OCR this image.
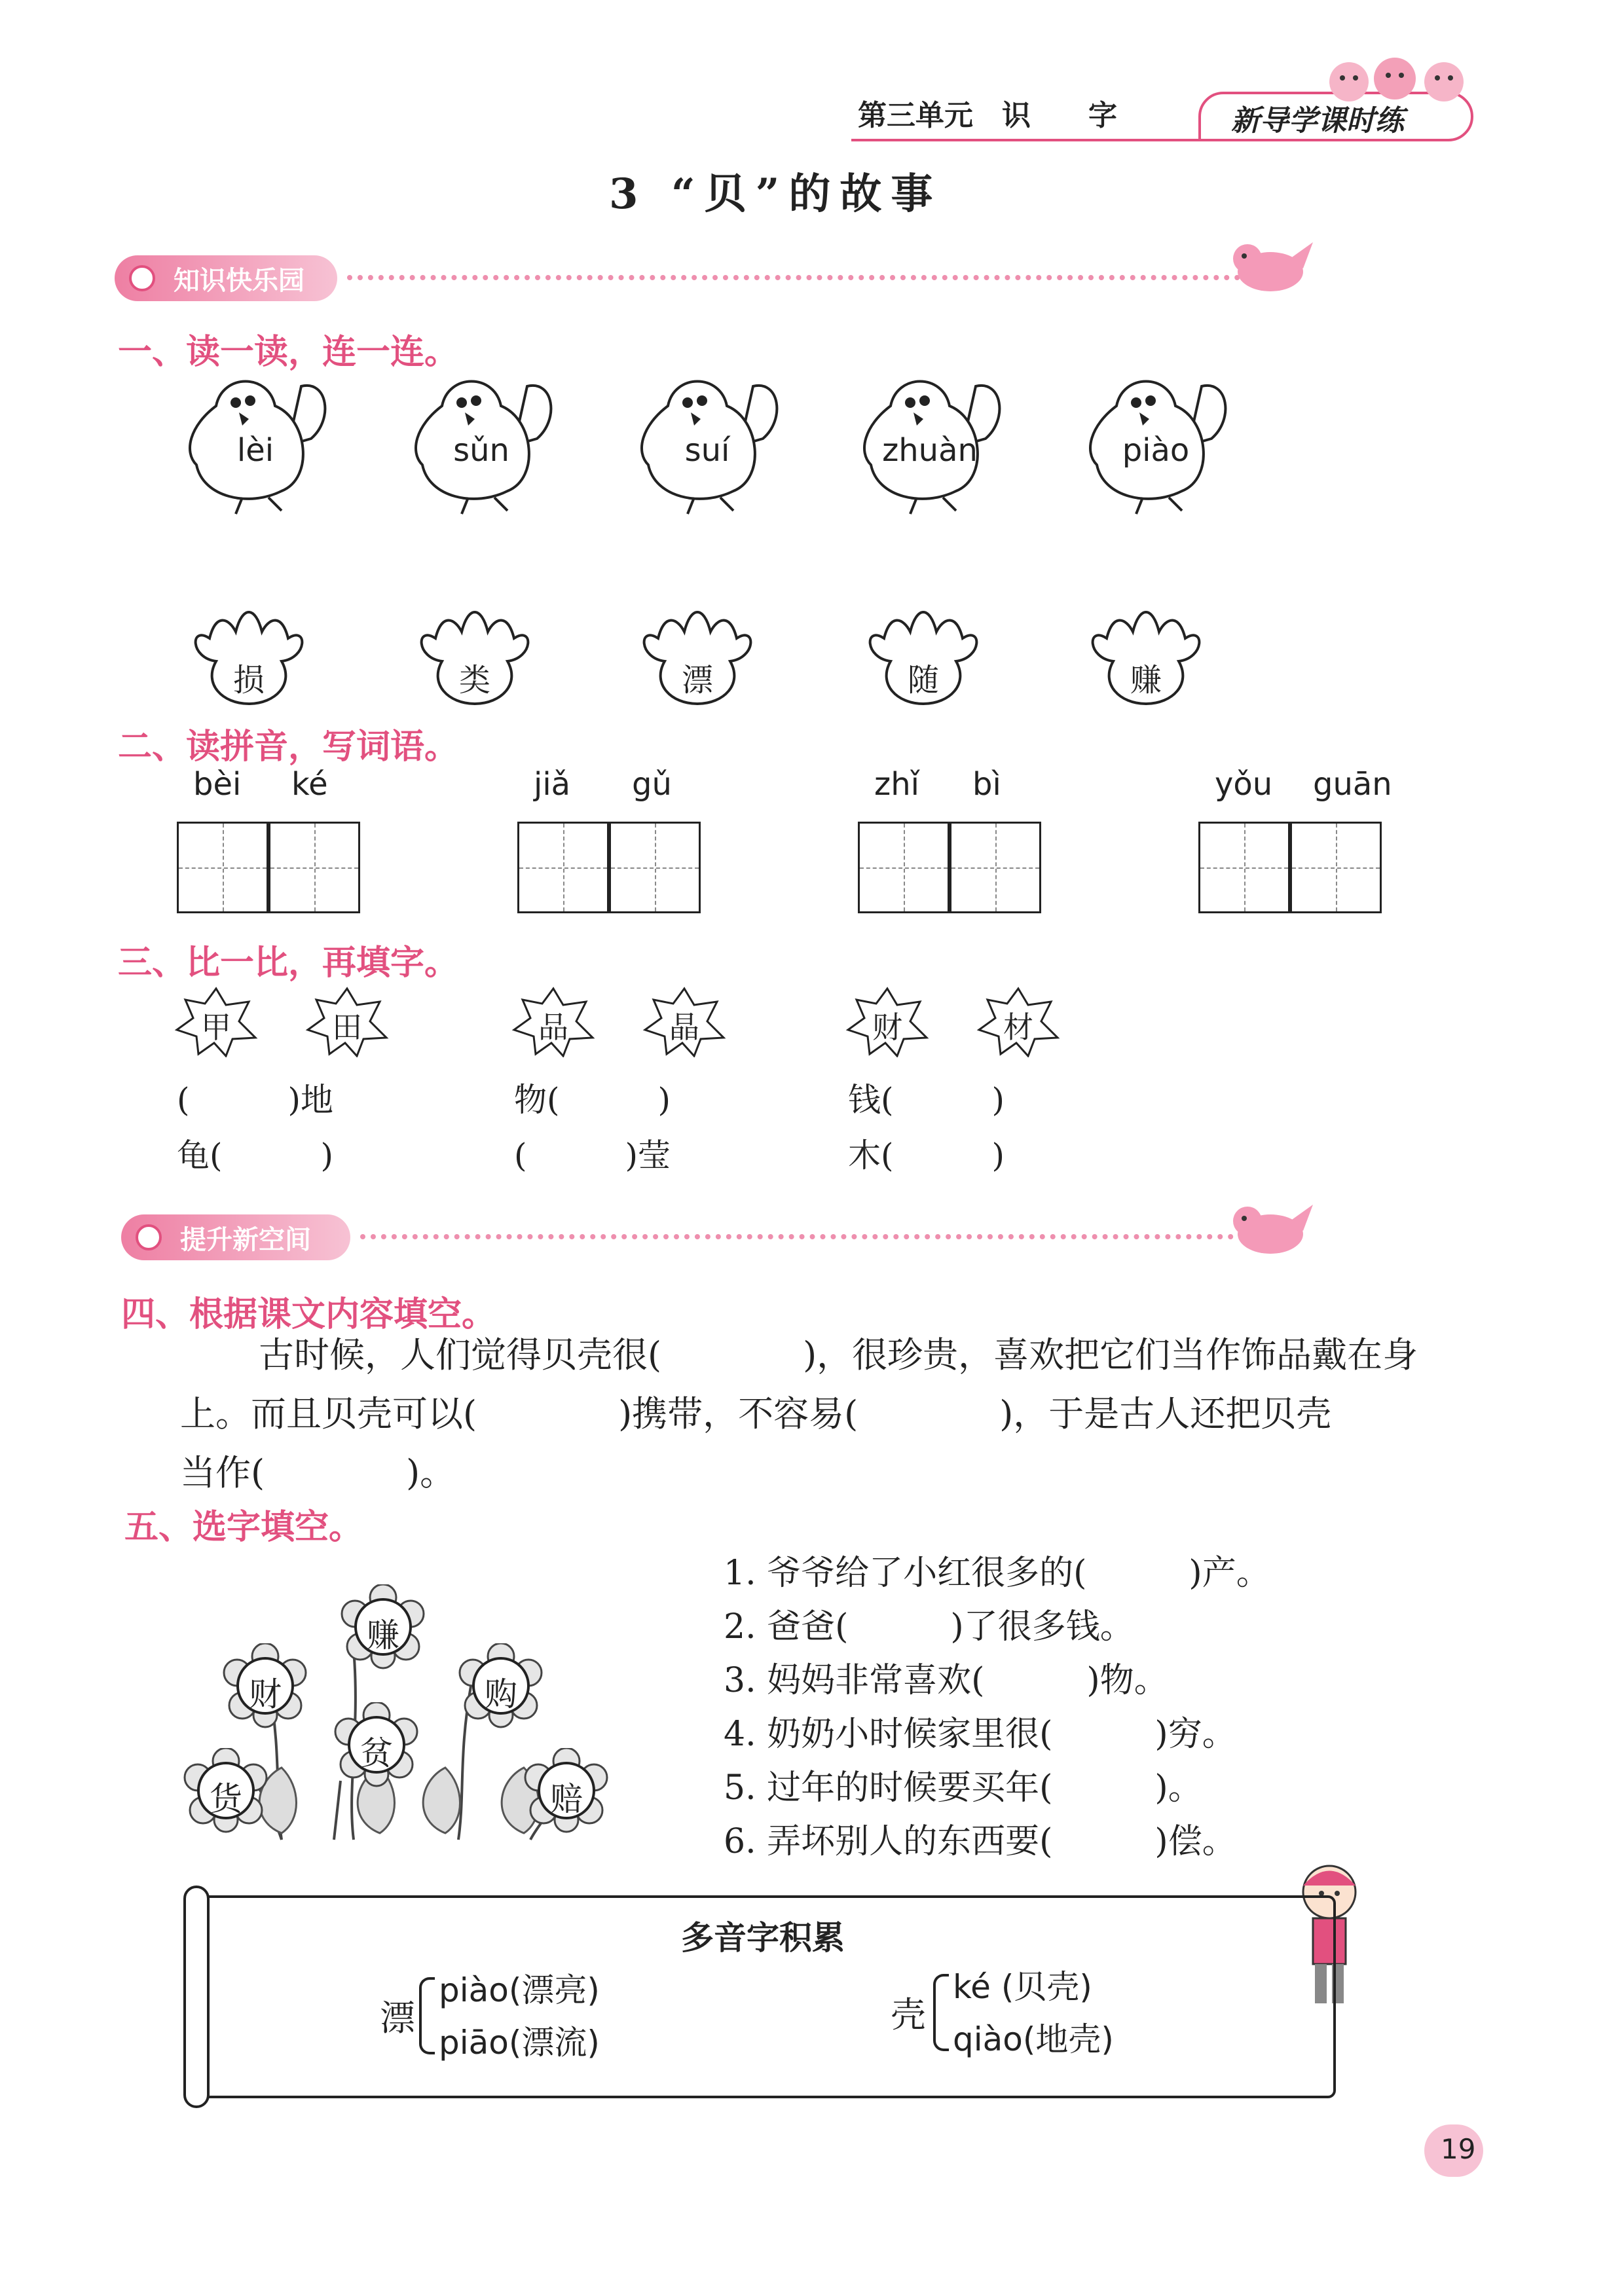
第三单元　识　　字	新导学课时练
3 “贝”的故事
知识快乐园
一、读一读，连一连。
lèi	sǔn	suí	zhuàn	piào
损	类	漂	随	赚
二、读拼音，写词语。
bèi ké	jiǎ gǔ	zhǐ bì	yǒu guān
三、比一比，再填字。
甲	田
(　　　)地
龟(　　　)
品	晶
物(　　　)
(　　　)莹
财	材
钱(　　　)
木(　　　)
提升新空间
四、根据课文内容填空。
古时候，人们觉得贝壳很(　　　　)，很珍贵，喜欢把它们当作饰品戴在身
上。而且贝壳可以(　　　　)携带，不容易(　　　　)，于是古人还把贝壳
当作(　　　　)。
五、选字填空。
赚
财	购
贫
货	赔
1. 爷爷给了小红很多的(　　　)产。
2. 爸爸(　　　)了很多钱。
3. 妈妈非常喜欢(　　　)物。
4. 奶奶小时候家里很(　　　)穷。
5. 过年的时候要买年(　　　)。
6. 弄坏别人的东西要(　　　)偿。
多音字积累
漂
piào(漂亮)
piāo(漂流)
壳
ké (贝壳)
qiào(地壳)
19
